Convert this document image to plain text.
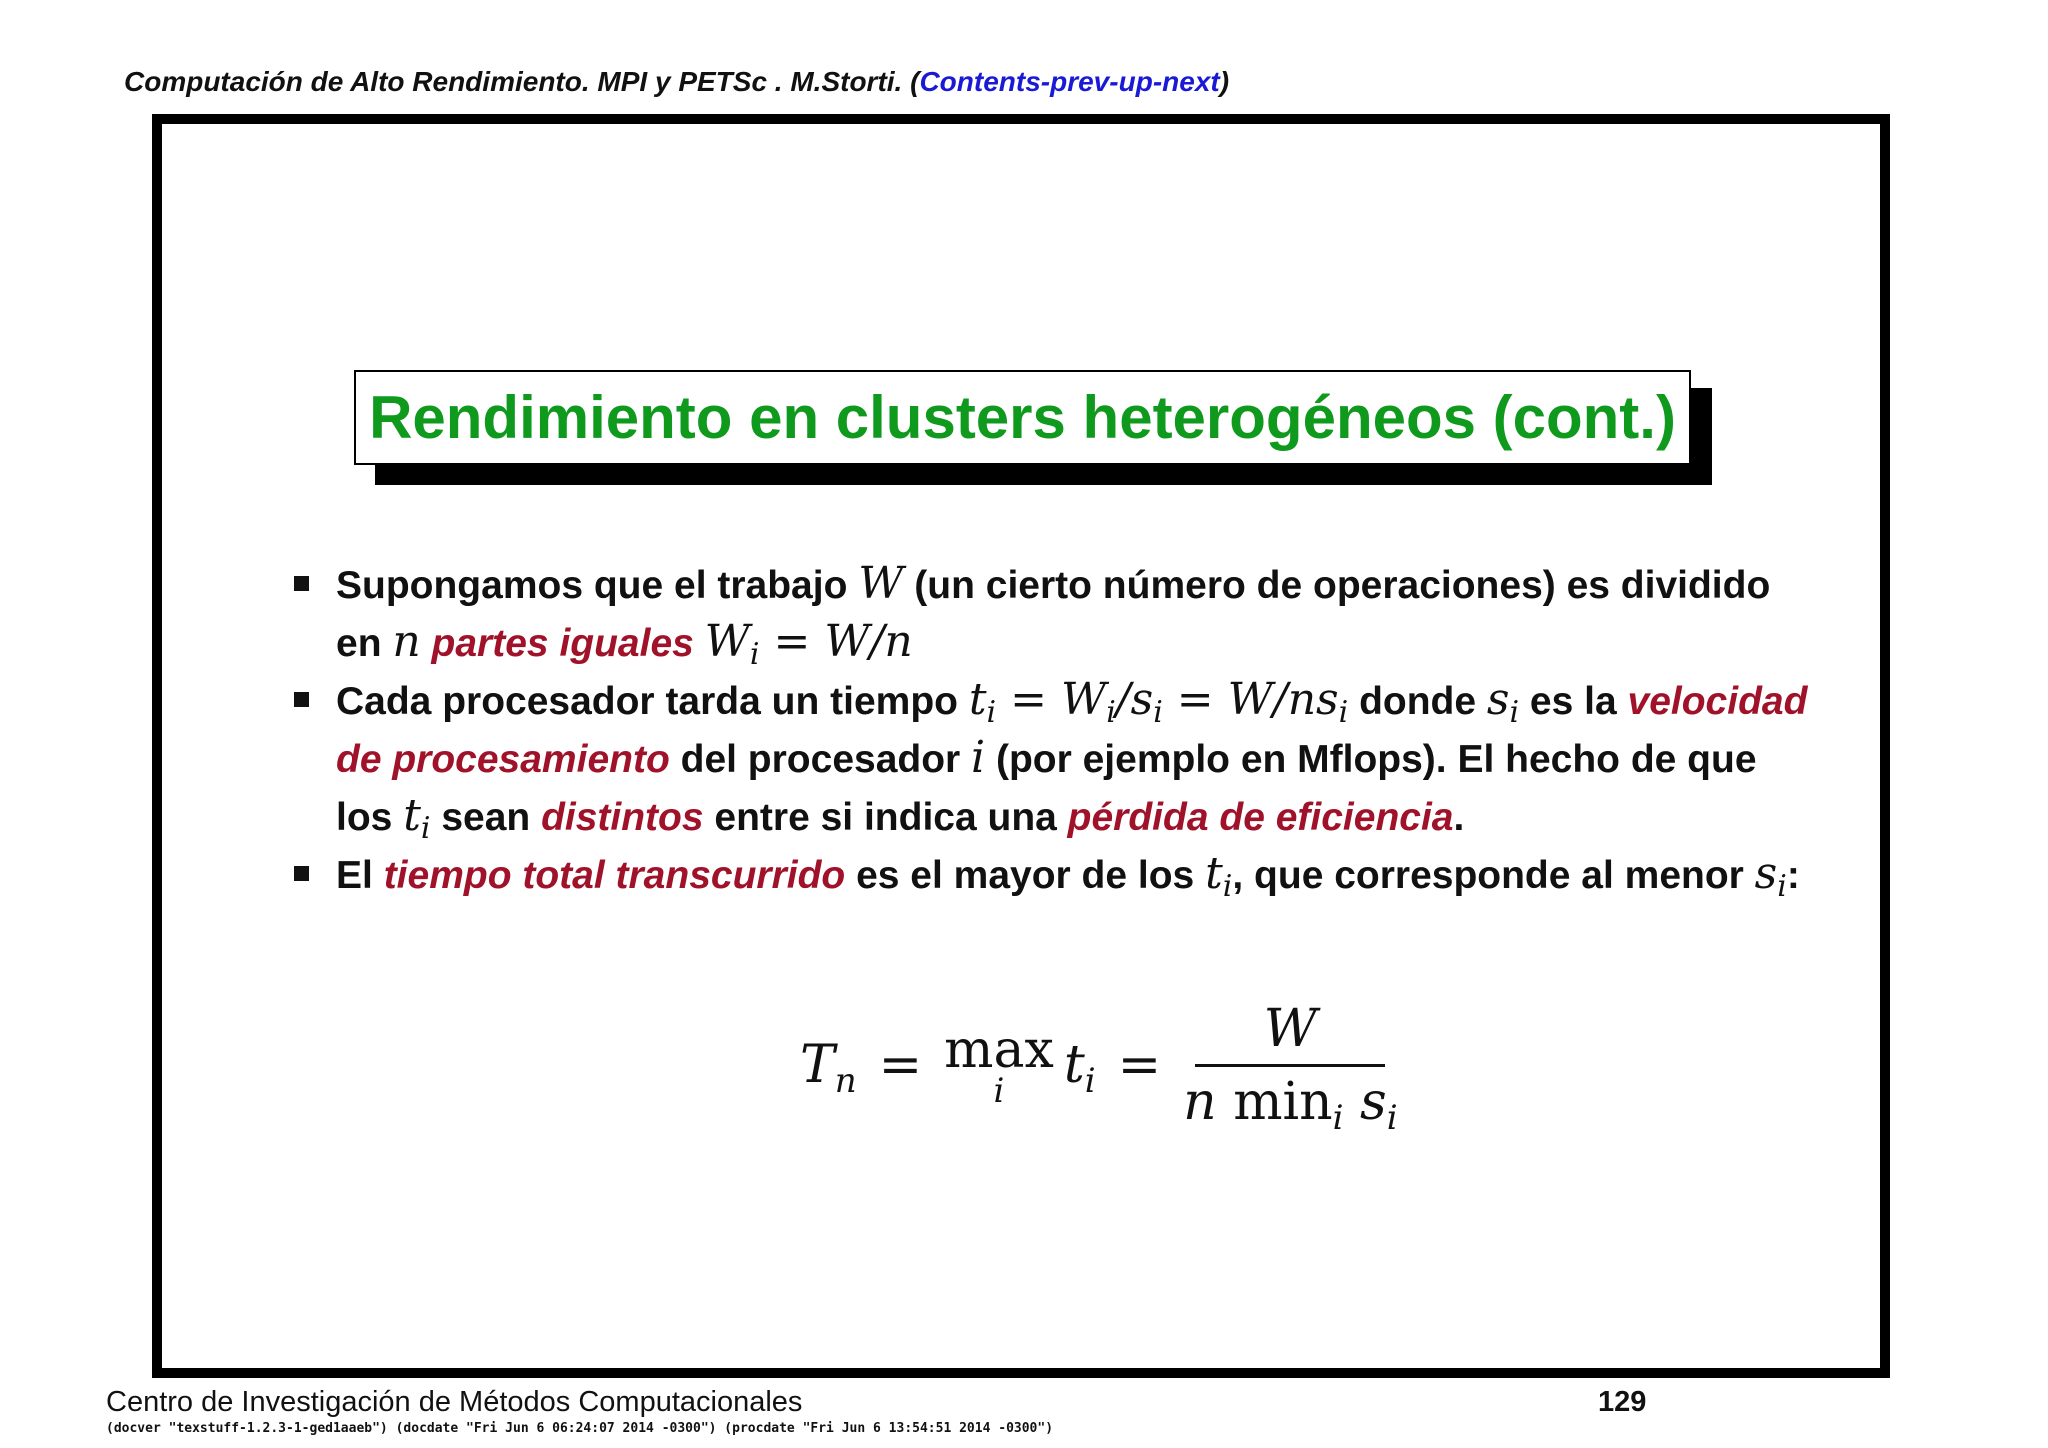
Computación de Alto Rendimiento. MPI y PETSc . M.Storti. (Contents-prev-up-next)
Rendimiento en clusters heterogéneos (cont.)
Supongamos que el trabajo W (un cierto número de operaciones) es dividido en n partes iguales $W_i = W/n$
Cada procesador tarda un tiempo $t_i = W_i/s_i = W/ns_i$ donde $s_i$ es la velocidad de procesamiento del procesador i (por ejemplo en Mflops). El hecho de que los $t_i$ sean distintos entre si indica una pérdida de eficiencia.
El tiempo total transcurrido es el mayor de los $t_i$, que corresponde al menor $s_i$:
$T_n = \max$
i $t_i = \frac{W}{n \min_i s_i}$
Centro de Investigación de Métodos Computacionales	129
(docver "texstuff-1.2.3-1-ged1aaeb") (docdate "Fri Jun 6 06:24:07 2014 -0300") (procdate "Fri Jun 6 13:54:51 2014 -0300")
